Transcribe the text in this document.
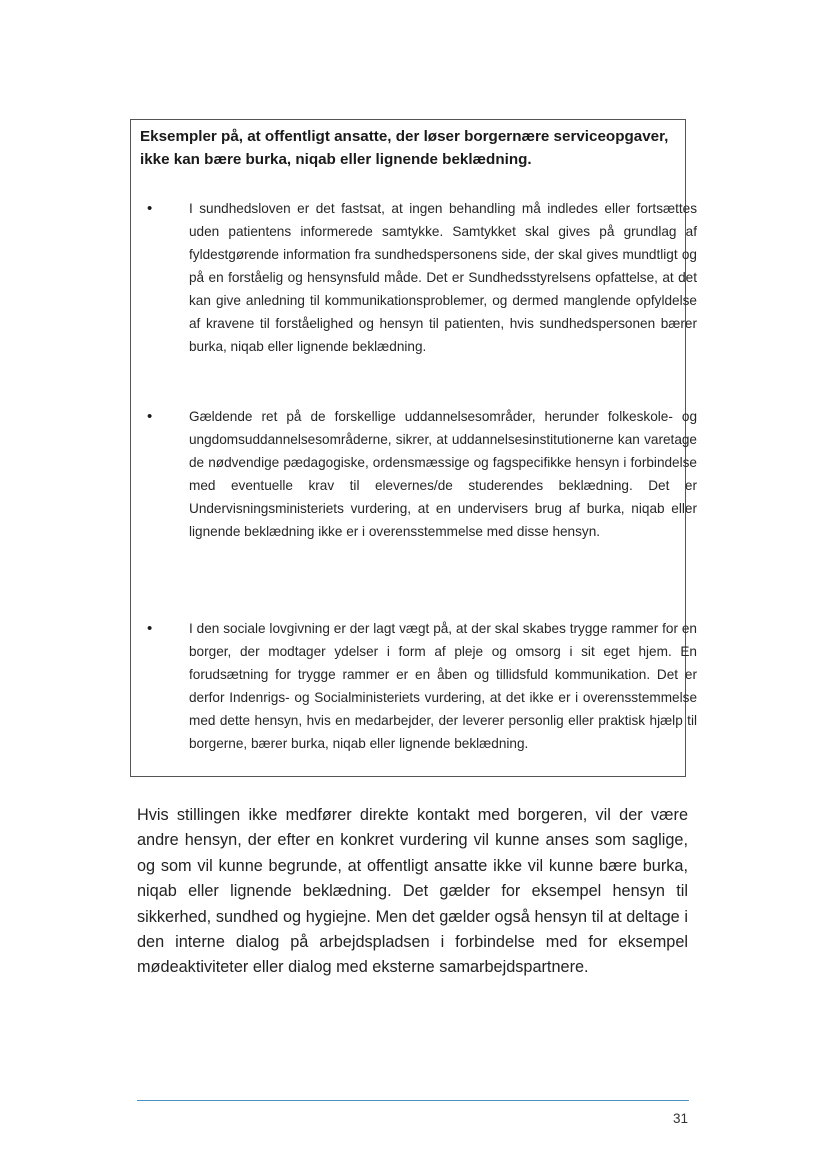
Eksempler på, at offentligt ansatte, der løser borgernære serviceopgaver, ikke kan bære burka, niqab eller lignende beklædning.
•	I sundhedsloven er det fastsat, at ingen behandling må indledes eller fortsættes uden patientens informerede samtykke. Samtykket skal gives på grundlag af fyldestgørende information fra sundhedspersonens side, der skal gives mundtligt og på en forståelig og hensynsfuld måde. Det er Sundhedsstyrelsens opfattelse, at det kan give anledning til kommunikationsproblemer, og dermed manglende opfyldelse af kravene til forståelighed og hensyn til patienten, hvis sundhedspersonen bærer burka, niqab eller lignende beklædning.
•	Gældende ret på de forskellige uddannelsesområder, herunder folkeskole- og ungdomsuddannelsesområderne, sikrer, at uddannelsesinstitutionerne kan varetage de nødvendige pædagogiske, ordensmæssige og fagspecifikke hensyn i forbindelse med eventuelle krav til elevernes/de studerendes beklædning. Det er Undervisningsministeriets vurdering, at en undervisers brug af burka, niqab eller lignende beklædning ikke er i overensstemmelse med disse hensyn.
•	I den sociale lovgivning er der lagt vægt på, at der skal skabes trygge rammer for en borger, der modtager ydelser i form af pleje og omsorg i sit eget hjem. En forudsætning for trygge rammer er en åben og tillidsfuld kommunikation. Det er derfor Indenrigs- og Socialministeriets vurdering, at det ikke er i overensstemmelse med dette hensyn, hvis en medarbejder, der leverer personlig eller praktisk hjælp til borgerne, bærer burka, niqab eller lignende beklædning.
Hvis stillingen ikke medfører direkte kontakt med borgeren, vil der være andre hensyn, der efter en konkret vurdering vil kunne anses som saglige, og som vil kunne begrunde, at offentligt ansatte ikke vil kunne bære burka, niqab eller lignende beklædning. Det gælder for eksempel hensyn til sikkerhed, sundhed og hygiejne. Men det gælder også hensyn til at deltage i den interne dialog på arbejdspladsen i forbindelse med for eksempel mødeaktiviteter eller dialog med eksterne samarbejdspartnere.
31
